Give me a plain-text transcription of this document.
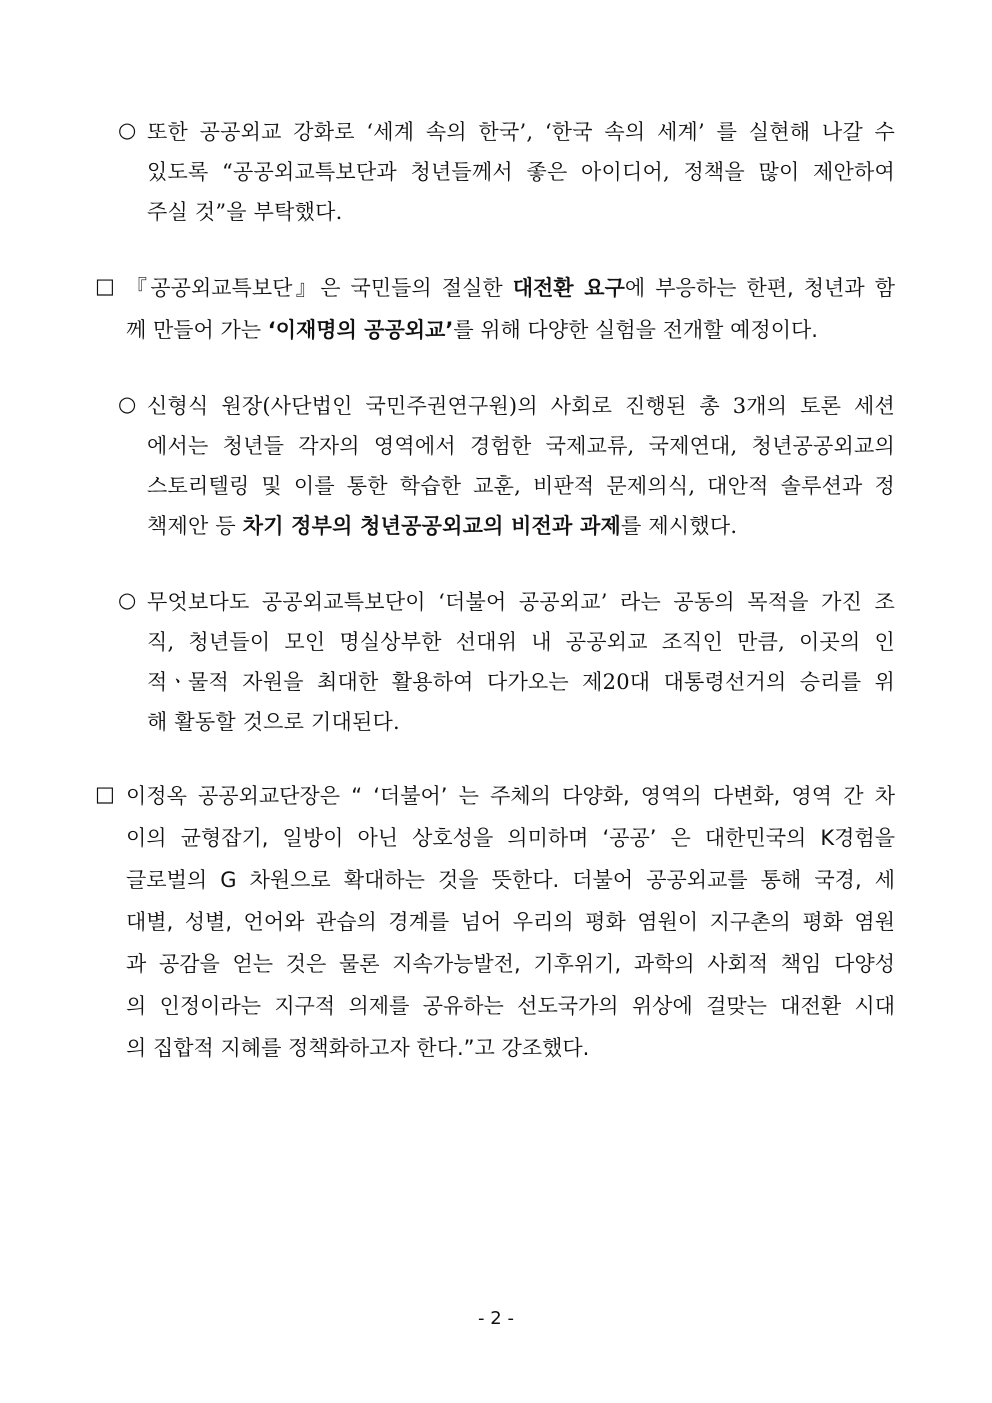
○ 또한 공공외교 강화로 ‘세계 속의 한국’, ‘한국 속의 세계’ 를 실현해 나갈 수
있도록 “공공외교특보단과 청년들께서 좋은 아이디어, 정책을 많이 제안하여
주실 것”을 부탁했다.
□ 『공공외교특보단』은 국민들의 절실한 대전환 요구에 부응하는 한편, 청년과 함
께 만들어 가는 ‘이재명의 공공외교’를 위해 다양한 실험을 전개할 예정이다.
○ 신형식 원장(사단법인 국민주권연구원)의 사회로 진행된 총 3개의 토론 세션
에서는 청년들 각자의 영역에서 경험한 국제교류, 국제연대, 청년공공외교의
스토리텔링 및 이를 통한 학습한 교훈, 비판적 문제의식, 대안적 솔루션과 정
책제안 등 차기 정부의 청년공공외교의 비전과 과제를 제시했다.
○ 무엇보다도 공공외교특보단이 ‘더불어 공공외교’ 라는 공동의 목적을 가진 조
직, 청년들이 모인 명실상부한 선대위 내 공공외교 조직인 만큼, 이곳의 인
적ㆍ물적 자원을 최대한 활용하여 다가오는 제20대 대통령선거의 승리를 위
해 활동할 것으로 기대된다.
□ 이정옥 공공외교단장은 “ ‘더불어’ 는 주체의 다양화, 영역의 다변화, 영역 간 차
이의 균형잡기, 일방이 아닌 상호성을 의미하며 ‘공공’ 은 대한민국의 K경험을
글로벌의 G 차원으로 확대하는 것을 뜻한다. 더불어 공공외교를 통해 국경, 세
대별, 성별, 언어와 관습의 경계를 넘어 우리의 평화 염원이 지구촌의 평화 염원
과 공감을 얻는 것은 물론 지속가능발전, 기후위기, 과학의 사회적 책임 다양성
의 인정이라는 지구적 의제를 공유하는 선도국가의 위상에 걸맞는 대전환 시대
의 집합적 지혜를 정책화하고자 한다.”고 강조했다.
- 2 -
